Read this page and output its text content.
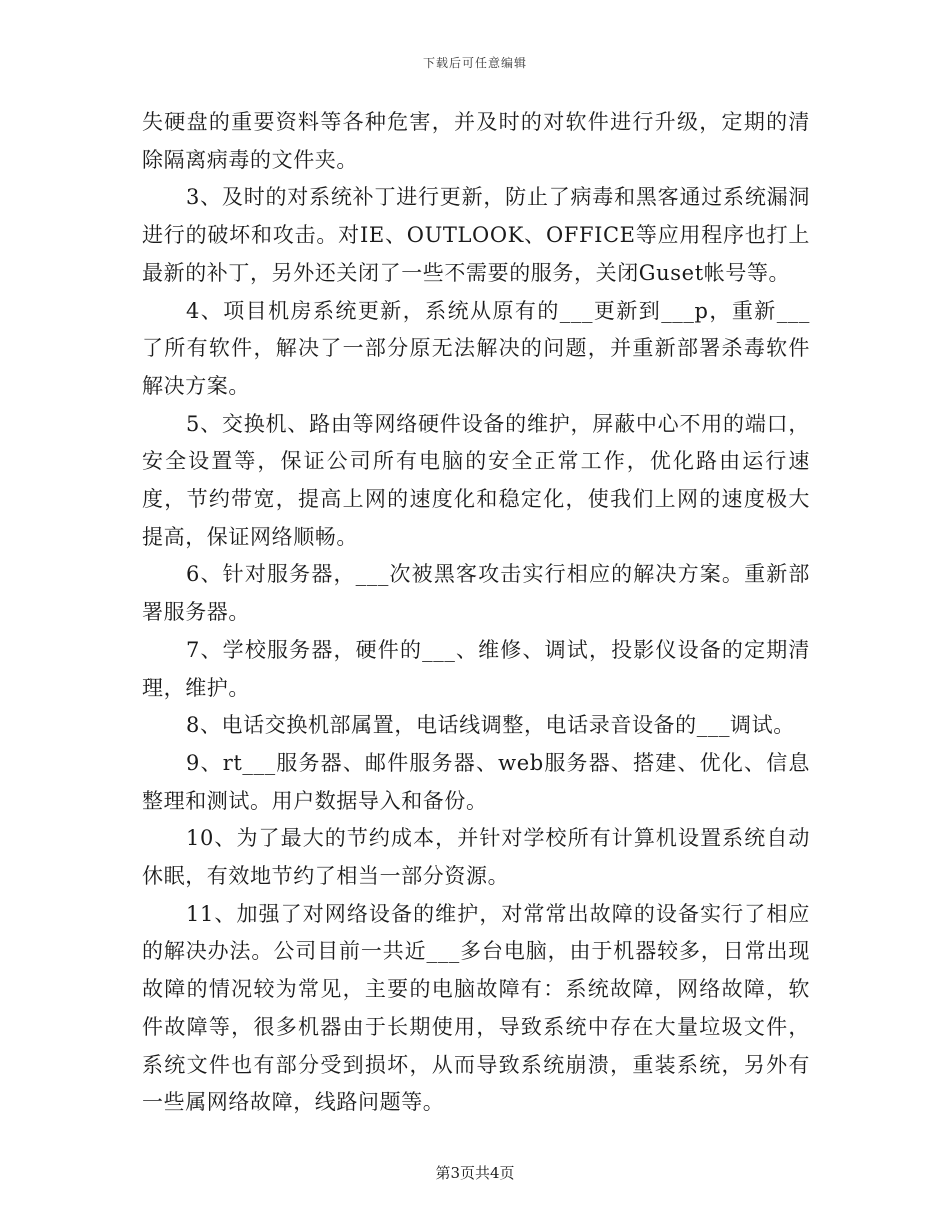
下载后可任意编辑

失硬盘的重要资料等各种危害，并及时的对软件进行升级，定期的清除隔离病毒的文件夹。

3、及时的对系统补丁进行更新，防止了病毒和黑客通过系统漏洞进行的破坏和攻击。对IE、OUTLOOK、OFFICE等应用程序也打上最新的补丁，另外还关闭了一些不需要的服务，关闭Guset帐号等。

4、项目机房系统更新，系统从原有的___更新到___p，重新___了所有软件，解决了一部分原无法解决的问题，并重新部署杀毒软件解决方案。

5、交换机、路由等网络硬件设备的维护，屏蔽中心不用的端口，安全设置等，保证公司所有电脑的安全正常工作，优化路由运行速度，节约带宽，提高上网的速度化和稳定化，使我们上网的速度极大提高，保证网络顺畅。

6、针对服务器，___次被黑客攻击实行相应的解决方案。重新部署服务器。

7、学校服务器，硬件的___、维修、调试，投影仪设备的定期清理，维护。

8、电话交换机部属置，电话线调整，电话录音设备的___调试。

9、rt___服务器、邮件服务器、web服务器、搭建、优化、信息整理和测试。用户数据导入和备份。

10、为了最大的节约成本，并针对学校所有计算机设置系统自动休眠，有效地节约了相当一部分资源。

11、加强了对网络设备的维护，对常常出故障的设备实行了相应的解决办法。公司目前一共近___多台电脑，由于机器较多，日常出现故障的情况较为常见，主要的电脑故障有：系统故障，网络故障，软件故障等，很多机器由于长期使用，导致系统中存在大量垃圾文件，系统文件也有部分受到损坏，从而导致系统崩溃，重装系统，另外有一些属网络故障，线路问题等。

第3页共4页
